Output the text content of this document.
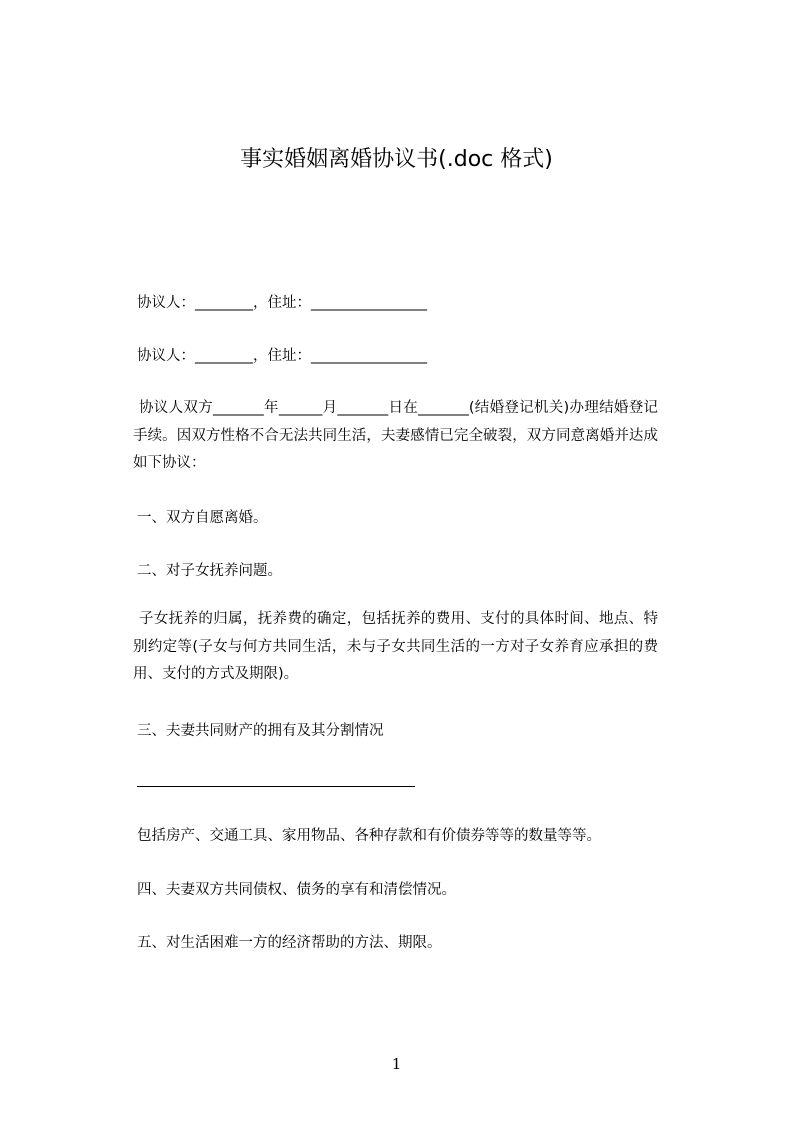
事实婚姻离婚协议书(.doc 格式)
协议人：________，住址：________________
协议人：________，住址：________________
协议人双方_______年______月_______日在_______(结婚登记机关)办理结婚登记手续。因双方性格不合无法共同生活，夫妻感情已完全破裂，双方同意离婚并达成如下协议：
一、双方自愿离婚。
二、对子女抚养问题。
子女抚养的归属，抚养费的确定，包括抚养的费用、支付的具体时间、地点、特别约定等(子女与何方共同生活，未与子女共同生活的一方对子女养育应承担的费用、支付的方式及期限)。
三、夫妻共同财产的拥有及其分割情况
包括房产、交通工具、家用物品、各种存款和有价债券等等的数量等等。
四、夫妻双方共同债权、债务的享有和清偿情况。
五、对生活困难一方的经济帮助的方法、期限。
1
